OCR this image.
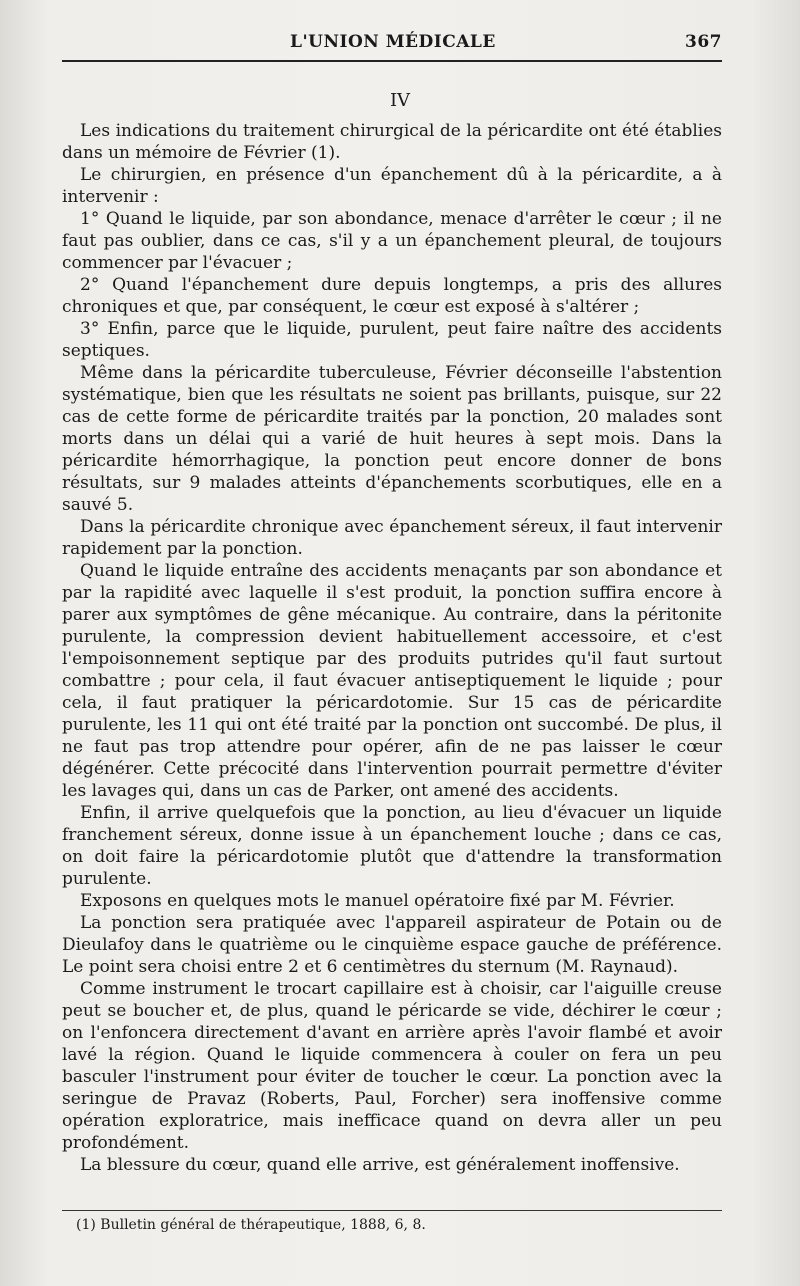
L'UNION MÉDICALE	367
IV

Les indications du traitement chirurgical de la péricardite ont été établies dans un mémoire de Février (1).

Le chirurgien, en présence d'un épanchement dû à la péricardite, a à intervenir :

1° Quand le liquide, par son abondance, menace d'arrêter le cœur ; il ne faut pas oublier, dans ce cas, s'il y a un épanchement pleural, de toujours commencer par l'évacuer ;

2° Quand l'épanchement dure depuis longtemps, a pris des allures chroniques et que, par conséquent, le cœur est exposé à s'altérer ;

3° Enfin, parce que le liquide, purulent, peut faire naître des accidents septiques.

Même dans la péricardite tuberculeuse, Février déconseille l'abstention systématique, bien que les résultats ne soient pas brillants, puisque, sur 22 cas de cette forme de péricardite traités par la ponction, 20 malades sont morts dans un délai qui a varié de huit heures à sept mois. Dans la péricardite hémorrhagique, la ponction peut encore donner de bons résultats, sur 9 malades atteints d'épanchements scorbutiques, elle en a sauvé 5.

Dans la péricardite chronique avec épanchement séreux, il faut intervenir rapidement par la ponction.

Quand le liquide entraîne des accidents menaçants par son abondance et par la rapidité avec laquelle il s'est produit, la ponction suffira encore à parer aux symptômes de gêne mécanique. Au contraire, dans la péritonite purulente, la compression devient habituellement accessoire, et c'est l'empoisonnement septique par des produits putrides qu'il faut surtout combattre ; pour cela, il faut évacuer antiseptiquement le liquide ; pour cela, il faut pratiquer la péricardotomie. Sur 15 cas de péricardite purulente, les 11 qui ont été traité par la ponction ont succombé. De plus, il ne faut pas trop attendre pour opérer, afin de ne pas laisser le cœur dégénérer. Cette précocité dans l'intervention pourrait permettre d'éviter les lavages qui, dans un cas de Parker, ont amené des accidents.

Enfin, il arrive quelquefois que la ponction, au lieu d'évacuer un liquide franchement séreux, donne issue à un épanchement louche ; dans ce cas, on doit faire la péricardotomie plutôt que d'attendre la transformation purulente.

Exposons en quelques mots le manuel opératoire fixé par M. Février.

La ponction sera pratiquée avec l'appareil aspirateur de Potain ou de Dieulafoy dans le quatrième ou le cinquième espace gauche de préférence. Le point sera choisi entre 2 et 6 centimètres du sternum (M. Raynaud).

Comme instrument le trocart capillaire est à choisir, car l'aiguille creuse peut se boucher et, de plus, quand le péricarde se vide, déchirer le cœur ; on l'enfoncera directement d'avant en arrière après l'avoir flambé et avoir lavé la région. Quand le liquide commencera à couler on fera un peu basculer l'instrument pour éviter de toucher le cœur. La ponction avec la seringue de Pravaz (Roberts, Paul, Forcher) sera inoffensive comme opération exploratrice, mais inefficace quand on devra aller un peu profondément.

La blessure du cœur, quand elle arrive, est généralement inoffensive.

(1) Bulletin général de thérapeutique, 1888, 6, 8.
